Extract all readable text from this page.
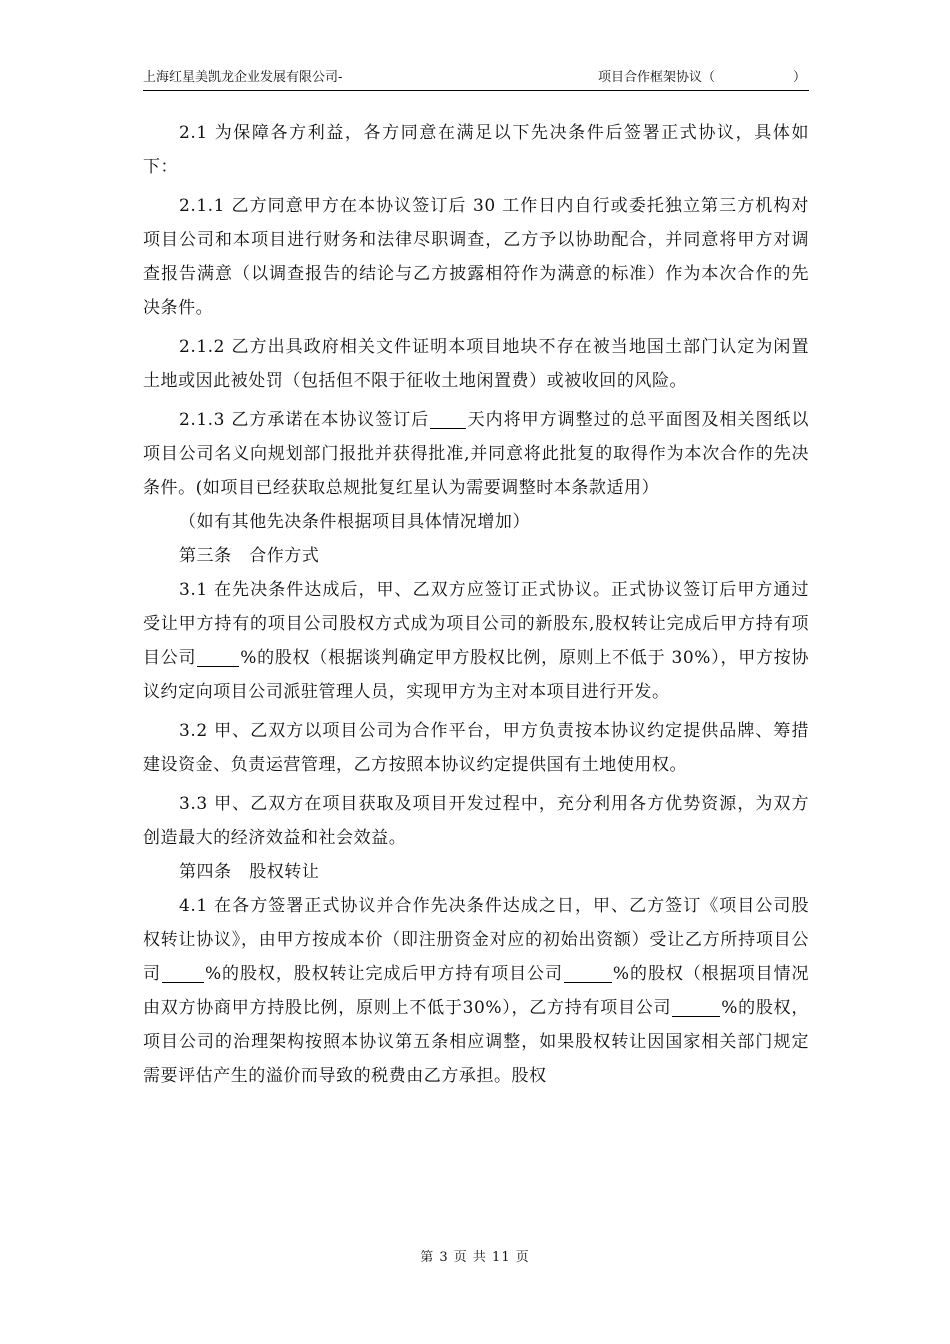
上海红星美凯龙企业发展有限公司-	项目合作框架协议（　　　　　　）

2.1 为保障各方利益，各方同意在满足以下先决条件后签署正式协议，具体如下：

2.1.1 乙方同意甲方在本协议签订后 30 工作日内自行或委托独立第三方机构对项目公司和本项目进行财务和法律尽职调查，乙方予以协助配合，并同意将甲方对调查报告满意（以调查报告的结论与乙方披露相符作为满意的标准）作为本次合作的先决条件。

2.1.2 乙方出具政府相关文件证明本项目地块不存在被当地国土部门认定为闲置土地或因此被处罚（包括但不限于征收土地闲置费）或被收回的风险。

2.1.3 乙方承诺在本协议签订后 天内将甲方调整过的总平面图及相关图纸以项目公司名义向规划部门报批并获得批准,并同意将此批复的取得作为本次合作的先决条件。(如项目已经获取总规批复红星认为需要调整时本条款适用）

（如有其他先决条件根据项目具体情况增加）

第三条　合作方式

3.1 在先决条件达成后，甲、乙双方应签订正式协议。正式协议签订后甲方通过受让甲方持有的项目公司股权方式成为项目公司的新股东,股权转让完成后甲方持有项目公司	%的股权（根据谈判确定甲方股权比例，原则上不低于 30%），甲方按协议约定向项目公司派驻管理人员，实现甲方为主对本项目进行开发。

3.2 甲、乙双方以项目公司为合作平台，甲方负责按本协议约定提供品牌、筹措建设资金、负责运营管理，乙方按照本协议约定提供国有土地使用权。

3.3 甲、乙双方在项目获取及项目开发过程中，充分利用各方优势资源，为双方创造最大的经济效益和社会效益。

第四条　股权转让

4.1 在各方签署正式协议并合作先决条件达成之日，甲、乙方签订《项目公司股权转让协议》，由甲方按成本价（即注册资金对应的初始出资额）受让乙方所持项目公司	%的股权，股权转让完成后甲方持有项目公司	%的股权（根据项目情况由双方协商甲方持股比例，原则上不低于30%），乙方持有项目公司	%的股权，项目公司的治理架构按照本协议第五条相应调整，如果股权转让因国家相关部门规定需要评估产生的溢价而导致的税费由乙方承担。股权

第 3 页 共 11 页
